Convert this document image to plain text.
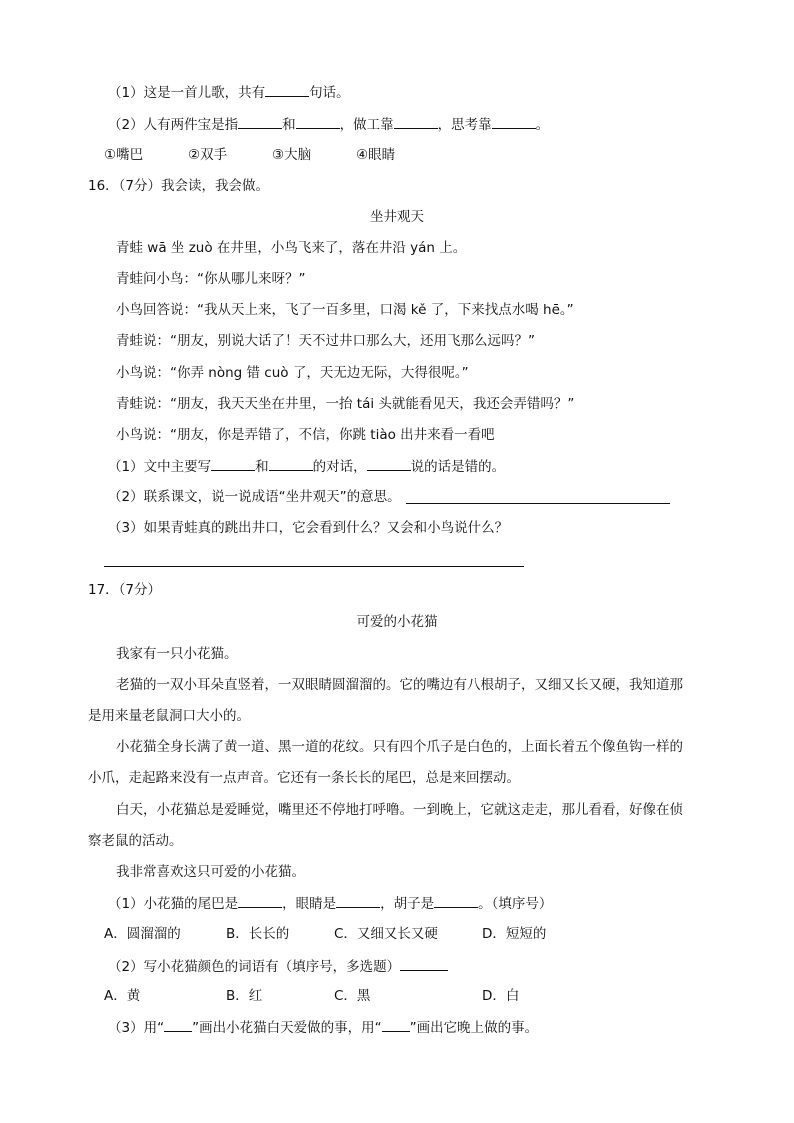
（1）这是一首儿歌，共有	句话。
（2）人有两件宝是指	和	，做工靠	，思考靠	。
①嘴巴	②双手	③大脑	④眼睛
16．（7分）我会读，我会做。
坐井观天
青蛙 wā 坐 zuò 在井里，小鸟飞来了，落在井沿 yán 上。
青蛙问小鸟：“你从哪儿来呀？”
小鸟回答说：“我从天上来，飞了一百多里，口渴 kě 了，下来找点水喝 hē。”
青蛙说：“朋友，别说大话了！天不过井口那么大，还用飞那么远吗？”
小鸟说：“你弄 nòng 错 cuò 了，天无边无际，大得很呢。”
青蛙说：“朋友，我天天坐在井里，一抬 tái 头就能看见天，我还会弄错吗？”
小鸟说：“朋友，你是弄错了，不信，你跳 tiào 出井来看一看吧
（1）文中主要写	和	的对话，	说的话是错的。
（2）联系课文，说一说成语“坐井观天”的意思。
（3）如果青蛙真的跳出井口，它会看到什么？又会和小鸟说什么？
17．（7分）
可爱的小花猫
我家有一只小花猫。
老猫的一双小耳朵直竖着，一双眼睛圆溜溜的。它的嘴边有八根胡子，又细又长又硬，我知道那
是用来量老鼠洞口大小的。
小花猫全身长满了黄一道、黑一道的花纹。只有四个爪子是白色的，上面长着五个像鱼钩一样的
小爪，走起路来没有一点声音。它还有一条长长的尾巴，总是来回摆动。
白天，小花猫总是爱睡觉，嘴里还不停地打呼噜。一到晚上，它就这走走，那儿看看，好像在侦
察老鼠的活动。
我非常喜欢这只可爱的小花猫。
（1）小花猫的尾巴是	，眼睛是	，胡子是	。（填序号）
A．圆溜溜的	B．长长的	C．又细又长又硬	D．短短的
（2）写小花猫颜色的词语有（填序号，多选题）
A．黄	B．红	C．黑	D．白
（3）用“ ”画出小花猫白天爱做的事，用“ ”画出它晚上做的事。
